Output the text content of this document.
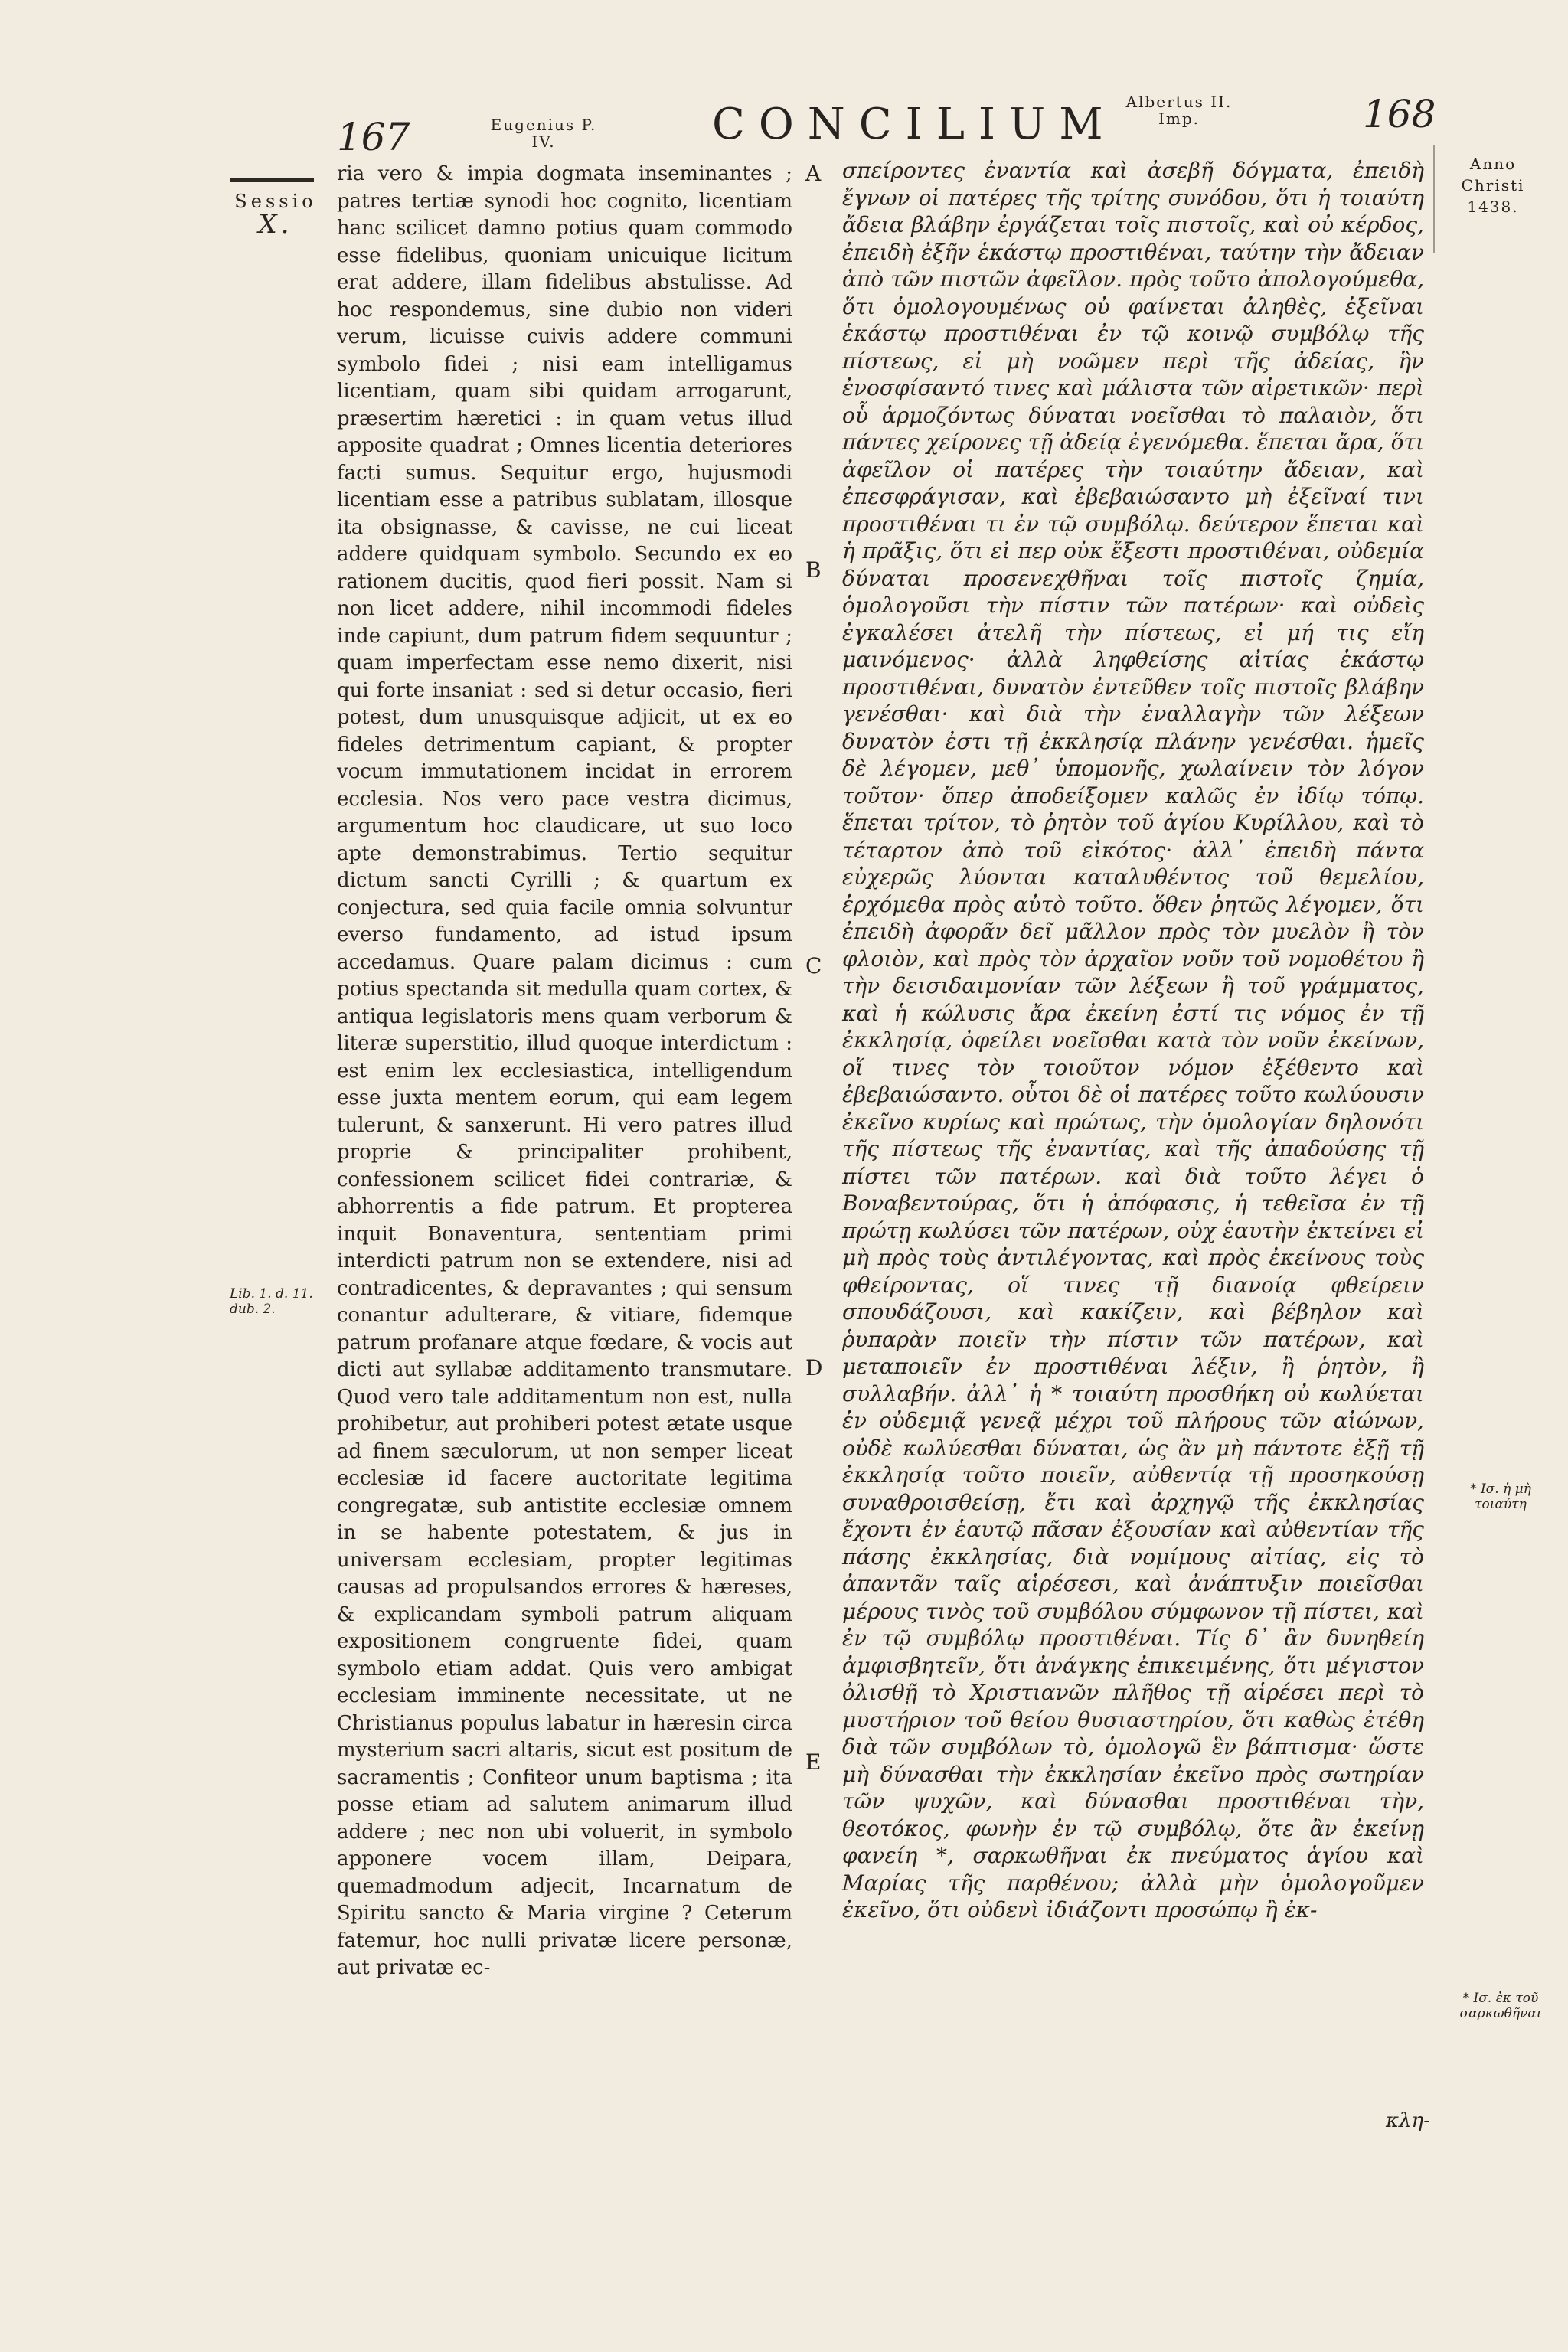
167	Eugenius P. IV.	CONCILIUM Albertus II. Imp.	168
Sessio
X.
Anno Christi 1438.

ria vero & impia dogmata inseminantes ; patres tertiæ synodi hoc cognito, licentiam hanc scilicet damno potius quam commodo esse fidelibus, quoniam unicuique licitum erat addere, illam fidelibus abstulisse. Ad hoc respondemus, sine dubio non videri verum, licuisse cuivis addere communi symbolo fidei ; nisi eam intelligamus licentiam, quam sibi quidam arrogarunt, præsertim hæretici : in quam vetus illud apposite quadrat ; Omnes licentia deteriores facti sumus. Sequitur ergo, hujusmodi licentiam esse a patribus sublatam, illosque ita obsignasse, & cavisse, ne cui liceat addere quidquam symbolo. Secundo ex eo rationem ducitis, quod fieri possit. Nam si non licet addere, nihil incommodi fideles inde capiunt, dum patrum fidem sequuntur ; quam imperfectam esse nemo dixerit, nisi qui forte insaniat : sed si detur occasio, fieri potest, dum unusquisque adjicit, ut ex eo fideles detrimentum capiant, & propter vocum immutationem incidat in errorem ecclesia. Nos vero pace vestra dicimus, argumentum hoc claudicare, ut suo loco apte demonstrabimus. Tertio sequitur dictum sancti Cyrilli ; & quartum ex conjectura, sed quia facile omnia solvuntur everso fundamento, ad istud ipsum accedamus. Quare palam dicimus : cum potius spectanda sit medulla quam cortex, & antiqua legislatoris mens quam verborum & literæ superstitio, illud quoque interdictum : est enim lex ecclesiastica, intelligendum esse juxta mentem eorum, qui eam legem tulerunt, & sanxerunt. Hi vero patres illud proprie & principaliter prohibent, confessionem scilicet fidei contrariæ, & abhorrentis a fide patrum. Et propterea inquit Bonaventura, sententiam primi interdicti patrum non se extendere, nisi ad contradicentes, & depravantes ; qui sensum conantur adulterare, & vitiare, fidemque patrum profanare atque fœdare, & vocis aut dicti aut syllabæ additamento transmutare. Quod vero tale additamentum non est, nulla prohibetur, aut prohiberi potest ætate usque ad finem sæculorum, ut non semper liceat ecclesiæ id facere auctoritate legitima congregatæ, sub antistite ecclesiæ omnem in se habente potestatem, & jus in universam ecclesiam, propter legitimas causas ad propulsandos errores & hæreses, & explicandam symboli patrum aliquam expositionem congruente fidei, quam symbolo etiam addat. Quis vero ambigat ecclesiam imminente necessitate, ut ne Christianus populus labatur in hæresin circa mysterium sacri altaris, sicut est positum de sacramentis ; Confiteor unum baptisma ; ita posse etiam ad salutem animarum illud addere ; nec non ubi voluerit, in symbolo apponere vocem illam, Deipara, quemadmodum adjecit, Incarnatum de Spiritu sancto & Maria virgine ? Ceterum fatemur, hoc nulli privatæ licere personæ, aut privatæ ec-

A
B
C
D
E

σπείροντες ἐναντία καὶ ἀσεβῆ δόγματα, ἐπειδὴ ἔγνων οἱ πατέρες τῆς τρίτης συνόδου, ὅτι ἡ τοιαύτη ἄδεια βλάβην ἐργάζεται τοῖς πιστοῖς, καὶ οὐ κέρδος, ἐπειδὴ ἐξῆν ἑκάστῳ προστιθέναι, ταύτην τὴν ἄδειαν ἀπὸ τῶν πιστῶν ἀφεῖλον. πρὸς τοῦτο ἀπολογούμεθα, ὅτι ὁμολογουμένως οὐ φαίνεται ἀληθὲς, ἐξεῖναι ἑκάστῳ προστιθέναι ἐν τῷ κοινῷ συμβόλῳ τῆς πίστεως, εἰ μὴ νοῶμεν περὶ τῆς ἀδείας, ἣν ἐνοσφίσαντό τινες καὶ μάλιστα τῶν αἱρετικῶν· περὶ οὗ ἁρμοζόντως δύναται νοεῖσθαι τὸ παλαιὸν, ὅτι πάντες χείρονες τῇ ἀδείᾳ ἐγενόμεθα. ἕπεται ἄρα, ὅτι ἀφεῖλον οἱ πατέρες τὴν τοιαύτην ἄδειαν, καὶ ἐπεσφράγισαν, καὶ ἐβεβαιώσαντο μὴ ἐξεῖναί τινι προστιθέναι τι ἐν τῷ συμβόλῳ. δεύτερον ἕπεται καὶ ἡ πρᾶξις, ὅτι εἰ περ οὐκ ἔξεστι προστιθέναι, οὐδεμία δύναται προσενεχθῆναι τοῖς πιστοῖς ζημία, ὁμολογοῦσι τὴν πίστιν τῶν πατέρων· καὶ οὐδεὶς ἐγκαλέσει ἀτελῆ τὴν πίστεως, εἰ μή τις εἴη μαινόμενος· ἀλλὰ ληφθείσης αἰτίας ἑκάστῳ προστιθέναι, δυνατὸν ἐντεῦθεν τοῖς πιστοῖς βλάβην γενέσθαι· καὶ διὰ τὴν ἐναλλαγὴν τῶν λέξεων δυνατὸν ἐστι τῇ ἐκκλησίᾳ πλάνην γενέσθαι. ἡμεῖς δὲ λέγομεν, μεθ᾽ ὑπομονῆς, χωλαίνειν τὸν λόγον τοῦτον· ὅπερ ἀποδείξομεν καλῶς ἐν ἰδίῳ τόπῳ. ἕπεται τρίτον, τὸ ῥητὸν τοῦ ἁγίου Κυρίλλου, καὶ τὸ τέταρτον ἀπὸ τοῦ εἰκότος· ἀλλ᾽ ἐπειδὴ πάντα εὐχερῶς λύονται καταλυθέντος τοῦ θεμελίου, ἐρχόμεθα πρὸς αὐτὸ τοῦτο. ὅθεν ῥητῶς λέγομεν, ὅτι ἐπειδὴ ἀφορᾶν δεῖ μᾶλλον πρὸς τὸν μυελὸν ἢ τὸν φλοιὸν, καὶ πρὸς τὸν ἀρχαῖον νοῦν τοῦ νομοθέτου ἢ τὴν δεισιδαιμονίαν τῶν λέξεων ἢ τοῦ γράμματος, καὶ ἡ κώλυσις ἄρα ἐκείνη ἐστί τις νόμος ἐν τῇ ἐκκλησίᾳ, ὀφείλει νοεῖσθαι κατὰ τὸν νοῦν ἐκείνων, οἵ τινες τὸν τοιοῦτον νόμον ἐξέθεντο καὶ ἐβεβαιώσαντο. οὗτοι δὲ οἱ πατέρες τοῦτο κωλύουσιν ἐκεῖνο κυρίως καὶ πρώτως, τὴν ὁμολογίαν δηλονότι τῆς πίστεως τῆς ἐναντίας, καὶ τῆς ἀπαδούσης τῇ πίστει τῶν πατέρων. καὶ διὰ τοῦτο λέγει ὁ Βοναβεντούρας, ὅτι ἡ ἀπόφασις, ἡ τεθεῖσα ἐν τῇ πρώτῃ κωλύσει τῶν πατέρων, οὐχ ἑαυτὴν ἐκτείνει εἰ μὴ πρὸς τοὺς ἀντιλέγοντας, καὶ πρὸς ἐκείνους τοὺς φθείροντας, οἵ τινες τῇ διανοίᾳ φθείρειν σπουδάζουσι, καὶ κακίζειν, καὶ βέβηλον καὶ ῥυπαρὰν ποιεῖν τὴν πίστιν τῶν πατέρων, καὶ μεταποιεῖν ἐν προστιθέναι λέξιν, ἢ ῥητὸν, ἢ συλλαβήν. ἀλλ᾽ ἡ * τοιαύτη προσθήκη οὐ κωλύεται ἐν οὐδεμιᾷ γενεᾷ μέχρι τοῦ πλήρους τῶν αἰώνων, οὐδὲ κωλύεσθαι δύναται, ὡς ἂν μὴ πάντοτε ἐξῇ τῇ ἐκκλησίᾳ τοῦτο ποιεῖν, αὐθεντίᾳ τῇ προσηκούσῃ συναθροισθείσῃ, ἔτι καὶ ἀρχηγῷ τῆς ἐκκλησίας ἔχοντι ἐν ἑαυτῷ πᾶσαν ἐξουσίαν καὶ αὐθεντίαν τῆς πάσης ἐκκλησίας, διὰ νομίμους αἰτίας, εἰς τὸ ἀπαντᾶν ταῖς αἱρέσεσι, καὶ ἀνάπτυξιν ποιεῖσθαι μέρους τινὸς τοῦ συμβόλου σύμφωνον τῇ πίστει, καὶ ἐν τῷ συμβόλῳ προστιθέναι. Τίς δ᾽ ἂν δυνηθείη ἀμφισβητεῖν, ὅτι ἀνάγκης ἐπικειμένης, ὅτι μέγιστον ὀλισθῇ τὸ Χριστιανῶν πλῆθος τῇ αἱρέσει περὶ τὸ μυστήριον τοῦ θείου θυσιαστηρίου, ὅτι καθὼς ἐτέθη διὰ τῶν συμβόλων τὸ, ὁμολογῶ ἓν βάπτισμα· ὥστε μὴ δύνασθαι τὴν ἐκκλησίαν ἐκεῖνο πρὸς σωτηρίαν τῶν ψυχῶν, καὶ δύνασθαι προστιθέναι τὴν, θεοτόκος, φωνὴν ἐν τῷ συμβόλῳ, ὅτε ἂν ἐκείνῃ φανείη *, σαρκωθῆναι ἐκ πνεύματος ἁγίου καὶ Μαρίας τῆς παρθένου; ἀλλὰ μὴν ὁμολογοῦμεν ἐκεῖνο, ὅτι οὐδενὶ ἰδιάζοντι προσώπῳ ἢ ἐκ-

Lib. 1. d. 11. dub. 2.
* Ισ. ἡ μὴ τοιαύτη
* Ισ. ἐκ τοῦ σαρκωθῆναι
κλη-
